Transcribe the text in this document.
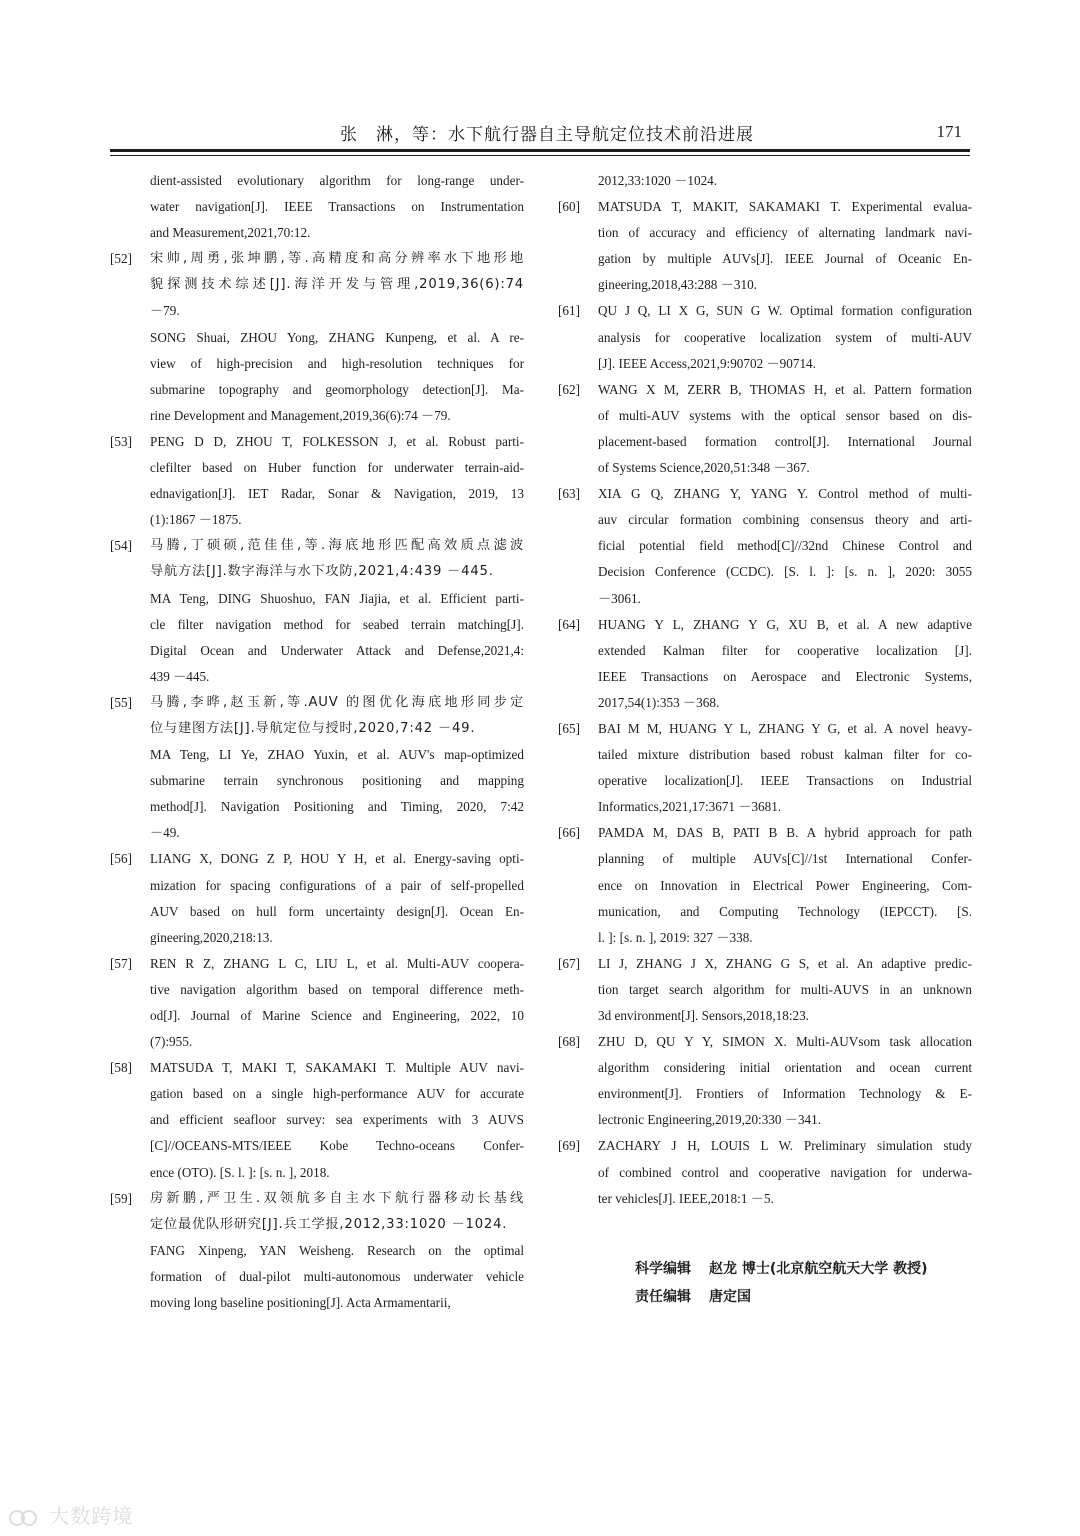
张　淋，等：水下航行器自主导航定位技术前沿进展	171
dient-assisted evolutionary algorithm for long-range under-
water navigation[J]. IEEE Transactions on Instrumentation
and Measurement,2021,70:12.
[52] 宋帅,周勇,张坤鹏,等.高精度和高分辨率水下地形地
貌探测技术综述[J].海洋开发与管理,2019,36(6):74
－79.
SONG Shuai, ZHOU Yong, ZHANG Kunpeng, et al. A re-
view of high-precision and high-resolution techniques for
submarine topography and geomorphology detection[J]. Ma-
rine Development and Management,2019,36(6):74 －79.
[53] PENG D D, ZHOU T, FOLKESSON J, et al. Robust parti-
clefilter based on Huber function for underwater terrain-aid-
ednavigation[J]. IET Radar, Sonar & Navigation, 2019, 13
(1):1867 －1875.
[54] 马腾,丁硕硕,范佳佳,等.海底地形匹配高效质点滤波
导航方法[J].数字海洋与水下攻防,2021,4:439 －445.
MA Teng, DING Shuoshuo, FAN Jiajia, et al. Efficient parti-
cle filter navigation method for seabed terrain matching[J].
Digital Ocean and Underwater Attack and Defense,2021,4:
439 －445.
[55] 马腾,李晔,赵玉新,等.AUV 的图优化海底地形同步定
位与建图方法[J].导航定位与授时,2020,7:42 －49.
MA Teng, LI Ye, ZHAO Yuxin, et al. AUV's map-optimized
submarine terrain synchronous positioning and mapping
method[J]. Navigation Positioning and Timing, 2020, 7:42
－49.
[56] LIANG X, DONG Z P, HOU Y H, et al. Energy-saving opti-
mization for spacing configurations of a pair of self-propelled
AUV based on hull form uncertainty design[J]. Ocean En-
gineering,2020,218:13.
[57] REN R Z, ZHANG L C, LIU L, et al. Multi-AUV coopera-
tive navigation algorithm based on temporal difference meth-
od[J]. Journal of Marine Science and Engineering, 2022, 10
(7):955.
[58] MATSUDA T, MAKI T, SAKAMAKI T. Multiple AUV navi-
gation based on a single high-performance AUV for accurate
and efficient seafloor survey: sea experiments with 3 AUVS
[C]//OCEANS-MTS/IEEE Kobe Techno-oceans Confer-
ence (OTO). [S. l. ]: [s. n. ], 2018.
[59] 房新鹏,严卫生.双领航多自主水下航行器移动长基线
定位最优队形研究[J].兵工学报,2012,33:1020 －1024.
FANG Xinpeng, YAN Weisheng. Research on the optimal
formation of dual-pilot multi-autonomous underwater vehicle
moving long baseline positioning[J]. Acta Armamentarii,
2012,33:1020 －1024.
[60] MATSUDA T, MAKIT, SAKAMAKI T. Experimental evalua-
tion of accuracy and efficiency of alternating landmark navi-
gation by multiple AUVs[J]. IEEE Journal of Oceanic En-
gineering,2018,43:288 －310.
[61] QU J Q, LI X G, SUN G W. Optimal formation configuration
analysis for cooperative localization system of multi-AUV
[J]. IEEE Access,2021,9:90702 －90714.
[62] WANG X M, ZERR B, THOMAS H, et al. Pattern formation
of multi-AUV systems with the optical sensor based on dis-
placement-based formation control[J]. International Journal
of Systems Science,2020,51:348 －367.
[63] XIA G Q, ZHANG Y, YANG Y. Control method of multi-
auv circular formation combining consensus theory and arti-
ficial potential field method[C]//32nd Chinese Control and
Decision Conference (CCDC). [S. l. ]: [s. n. ], 2020: 3055
－3061.
[64] HUANG Y L, ZHANG Y G, XU B, et al. A new adaptive
extended Kalman filter for cooperative localization [J].
IEEE Transactions on Aerospace and Electronic Systems,
2017,54(1):353 －368.
[65] BAI M M, HUANG Y L, ZHANG Y G, et al. A novel heavy-
tailed mixture distribution based robust kalman filter for co-
operative localization[J]. IEEE Transactions on Industrial
Informatics,2021,17:3671 －3681.
[66] PAMDA M, DAS B, PATI B B. A hybrid approach for path
planning of multiple AUVs[C]//1st International Confer-
ence on Innovation in Electrical Power Engineering, Com-
munication, and Computing Technology (IEPCCT). [S.
l. ]: [s. n. ], 2019: 327 －338.
[67] LI J, ZHANG J X, ZHANG G S, et al. An adaptive predic-
tion target search algorithm for multi-AUVS in an unknown
3d environment[J]. Sensors,2018,18:23.
[68] ZHU D, QU Y Y, SIMON X. Multi-AUVsom task allocation
algorithm considering initial orientation and ocean current
environment[J]. Frontiers of Information Technology & E-
lectronic Engineering,2019,20:330 －341.
[69] ZACHARY J H, LOUIS L W. Preliminary simulation study
of combined control and cooperative navigation for underwa-
ter vehicles[J]. IEEE,2018:1 －5.
科学编辑 赵龙 博士(北京航空航天大学 教授)
责任编辑 唐定国
大数跨境
